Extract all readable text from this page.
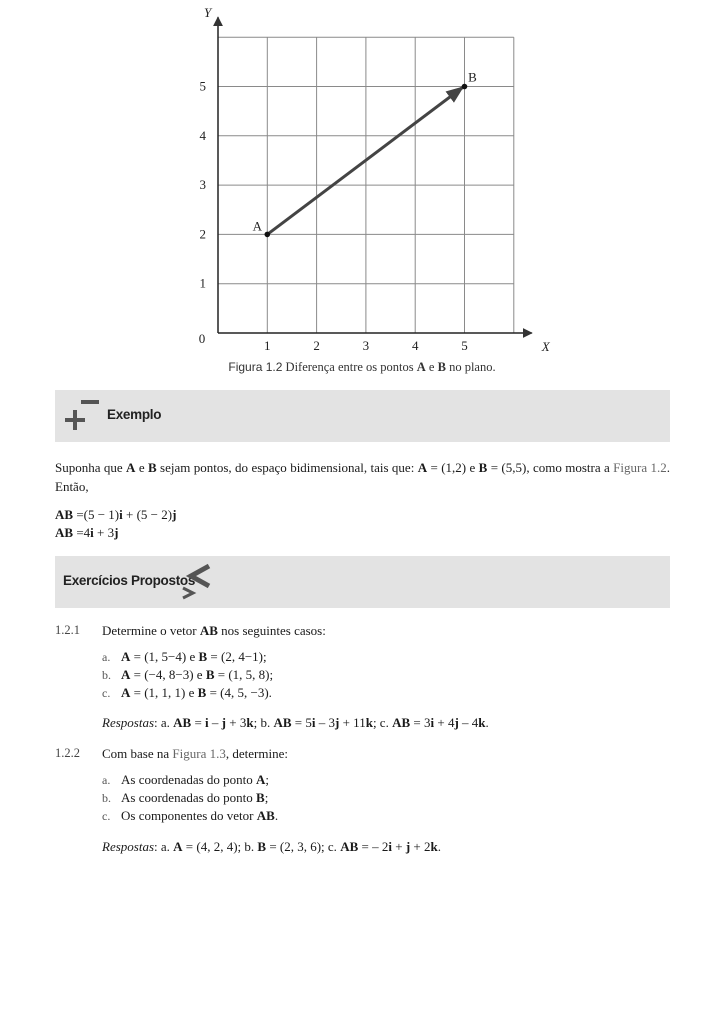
1	2	3	4	5
1
2
3
4
5
0
X
Y
A
B
Figura 1.2 Diferença entre os pontos A e B no plano.
Exemplo
Suponha que A e B sejam pontos, do espaço bidimensional, tais que: A = (1,2) e B = (5,5), como mostra a Figura 1.2. Então,
AB =(5 − 1)i + (5 − 2)j
AB =4i + 3j
Exercícios Propostos
1.2.1 Determine o vetor AB nos seguintes casos:
a. A = (1, 5−4) e B = (2, 4−1);
b. A = (−4, 8−3) e B = (1, 5, 8);
c. A = (1, 1, 1) e B = (4, 5, −3).
Respostas: a. AB = i – j + 3k; b. AB = 5i – 3j + 11k; c. AB = 3i + 4j – 4k.
1.2.2 Com base na Figura 1.3, determine:
a. As coordenadas do ponto A;
b. As coordenadas do ponto B;
c. Os componentes do vetor AB.
Respostas: a. A = (4, 2, 4); b. B = (2, 3, 6); c. AB = – 2i + j + 2k.
